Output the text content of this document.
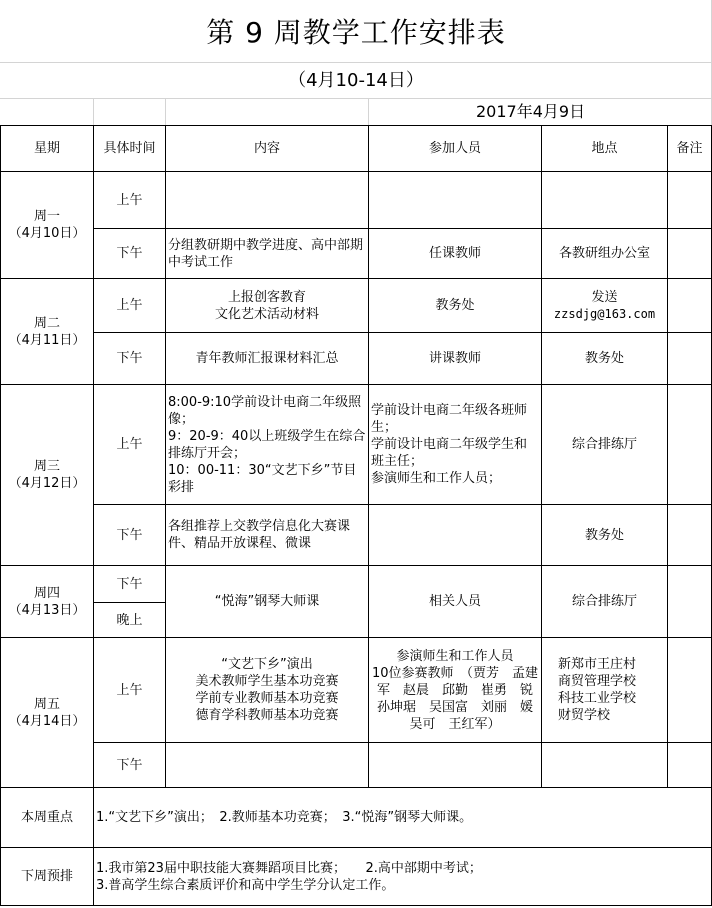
第 9 周教学工作安排表
（4月10-14日）
2017年4月9日
星期	具体时间	内容	参加人员	地点	备注

周一
（4月10日）	上午				
	下午	分组教研期中教学进度、高中部期中考试工作	任课教师	各教研组办公室	

周二
（4月11日）	上午	上报创客教育
文化艺术活动材料	教务处	发送
zzsdjg@163.com	

	下午	青年教师汇报课材料汇总	讲课教师	教务处	

周三
（4月12日）	上午	8:00-9:10学前设计电商二年级照像；
9：20-9：40以上班级学生在综合排练厅开会；
10：00-11：30“文艺下乡”节目彩排	学前设计电商二年级各班师生；
学前设计电商二年级学生和班主任；
参演师生和工作人员；	综合排练厅	
	下午	各组推荐上交教学信息化大赛课件、精品开放课程、微课		教务处	

周四
（4月13日）	下午	“悦海”钢琴大师课	相关人员	综合排练厅	
	晚上				

周五
（4月14日）	上午	“文艺下乡”演出
美术教师学生基本功竞赛
学前专业教师基本功竞赛
德育学科教师基本功竞赛	参演师生和工作人员
10位参赛教师　（贾芳　孟建军　赵晨　邱勤　崔勇　锐　孙坤琚　吴国富　刘丽　媛　吴可　王红军）	新郑市王庄村
商贸管理学校
科技工业学校
财贸学校	

	下午				
本周重点	1.“文艺下乡”演出；　2.教师基本功竞赛；　3.“悦海”钢琴大师课。				
下周预排	1.我市第23届中职技能大赛舞蹈项目比赛；　　2.高中部期中考试；
3.普高学生综合素质评价和高中学生学分认定工作。				
